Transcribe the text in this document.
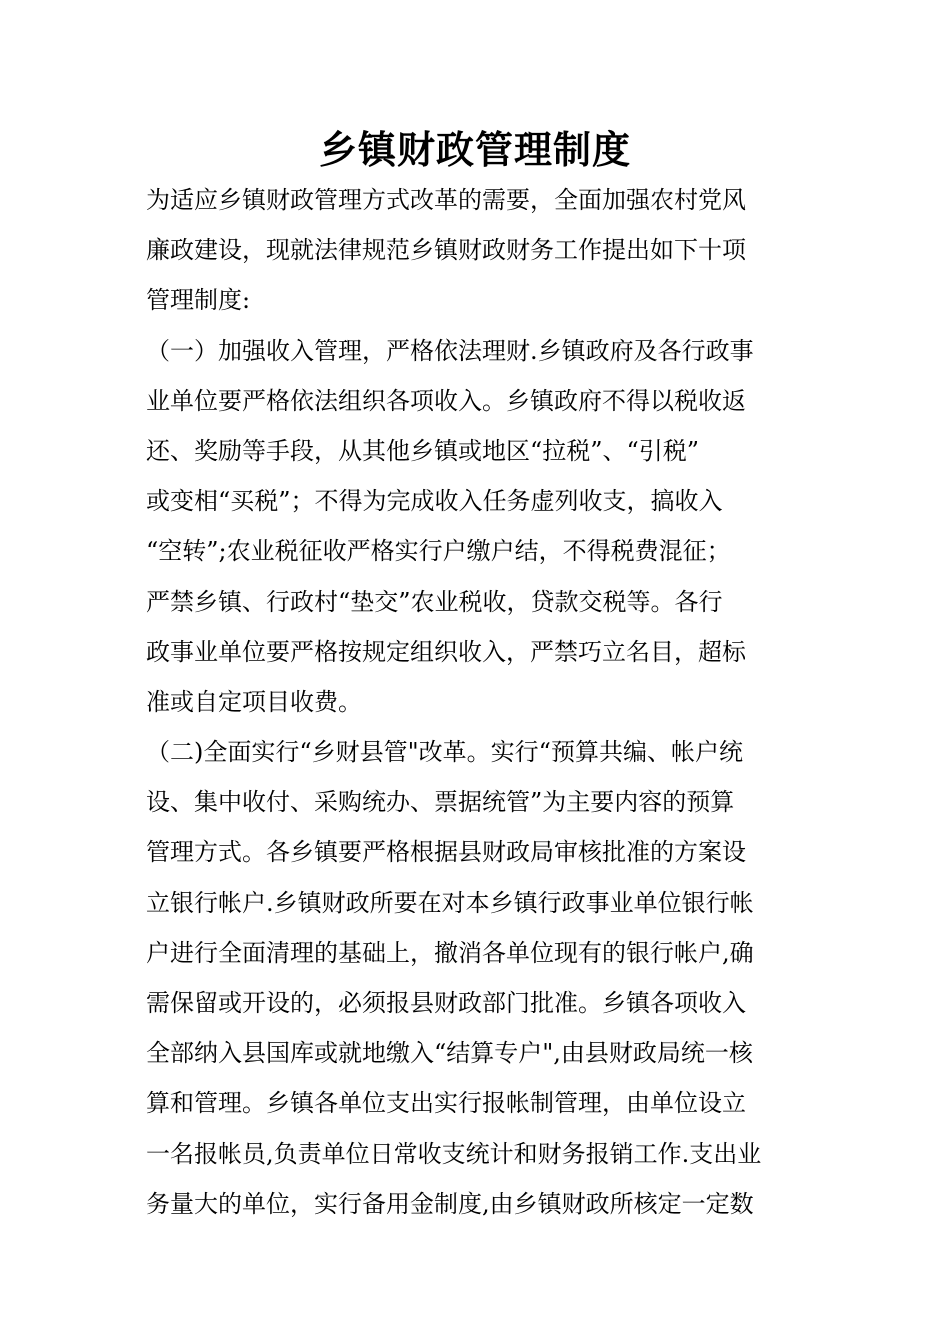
乡镇财政管理制度
为适应乡镇财政管理方式改革的需要，全面加强农村党风
廉政建设，现就法律规范乡镇财政财务工作提出如下十项
管理制度:
（一）加强收入管理，严格依法理财.乡镇政府及各行政事
业单位要严格依法组织各项收入。乡镇政府不得以税收返
还、奖励等手段，从其他乡镇或地区“拉税”、“引税”
或变相“买税”；不得为完成收入任务虚列收支，搞收入
“空转”;农业税征收严格实行户缴户结，不得税费混征；
严禁乡镇、行政村“垫交”农业税收，贷款交税等。各行
政事业单位要严格按规定组织收入，严禁巧立名目，超标
准或自定项目收费。
（二)全面实行“乡财县管"改革。实行“预算共编、帐户统
设、集中收付、采购统办、票据统管”为主要内容的预算
管理方式。各乡镇要严格根据县财政局审核批准的方案设
立银行帐户.乡镇财政所要在对本乡镇行政事业单位银行帐
户进行全面清理的基础上，撤消各单位现有的银行帐户,确
需保留或开设的，必须报县财政部门批准。乡镇各项收入
全部纳入县国库或就地缴入“结算专户",由县财政局统一核
算和管理。乡镇各单位支出实行报帐制管理，由单位设立
一名报帐员,负责单位日常收支统计和财务报销工作.支出业
务量大的单位，实行备用金制度,由乡镇财政所核定一定数
